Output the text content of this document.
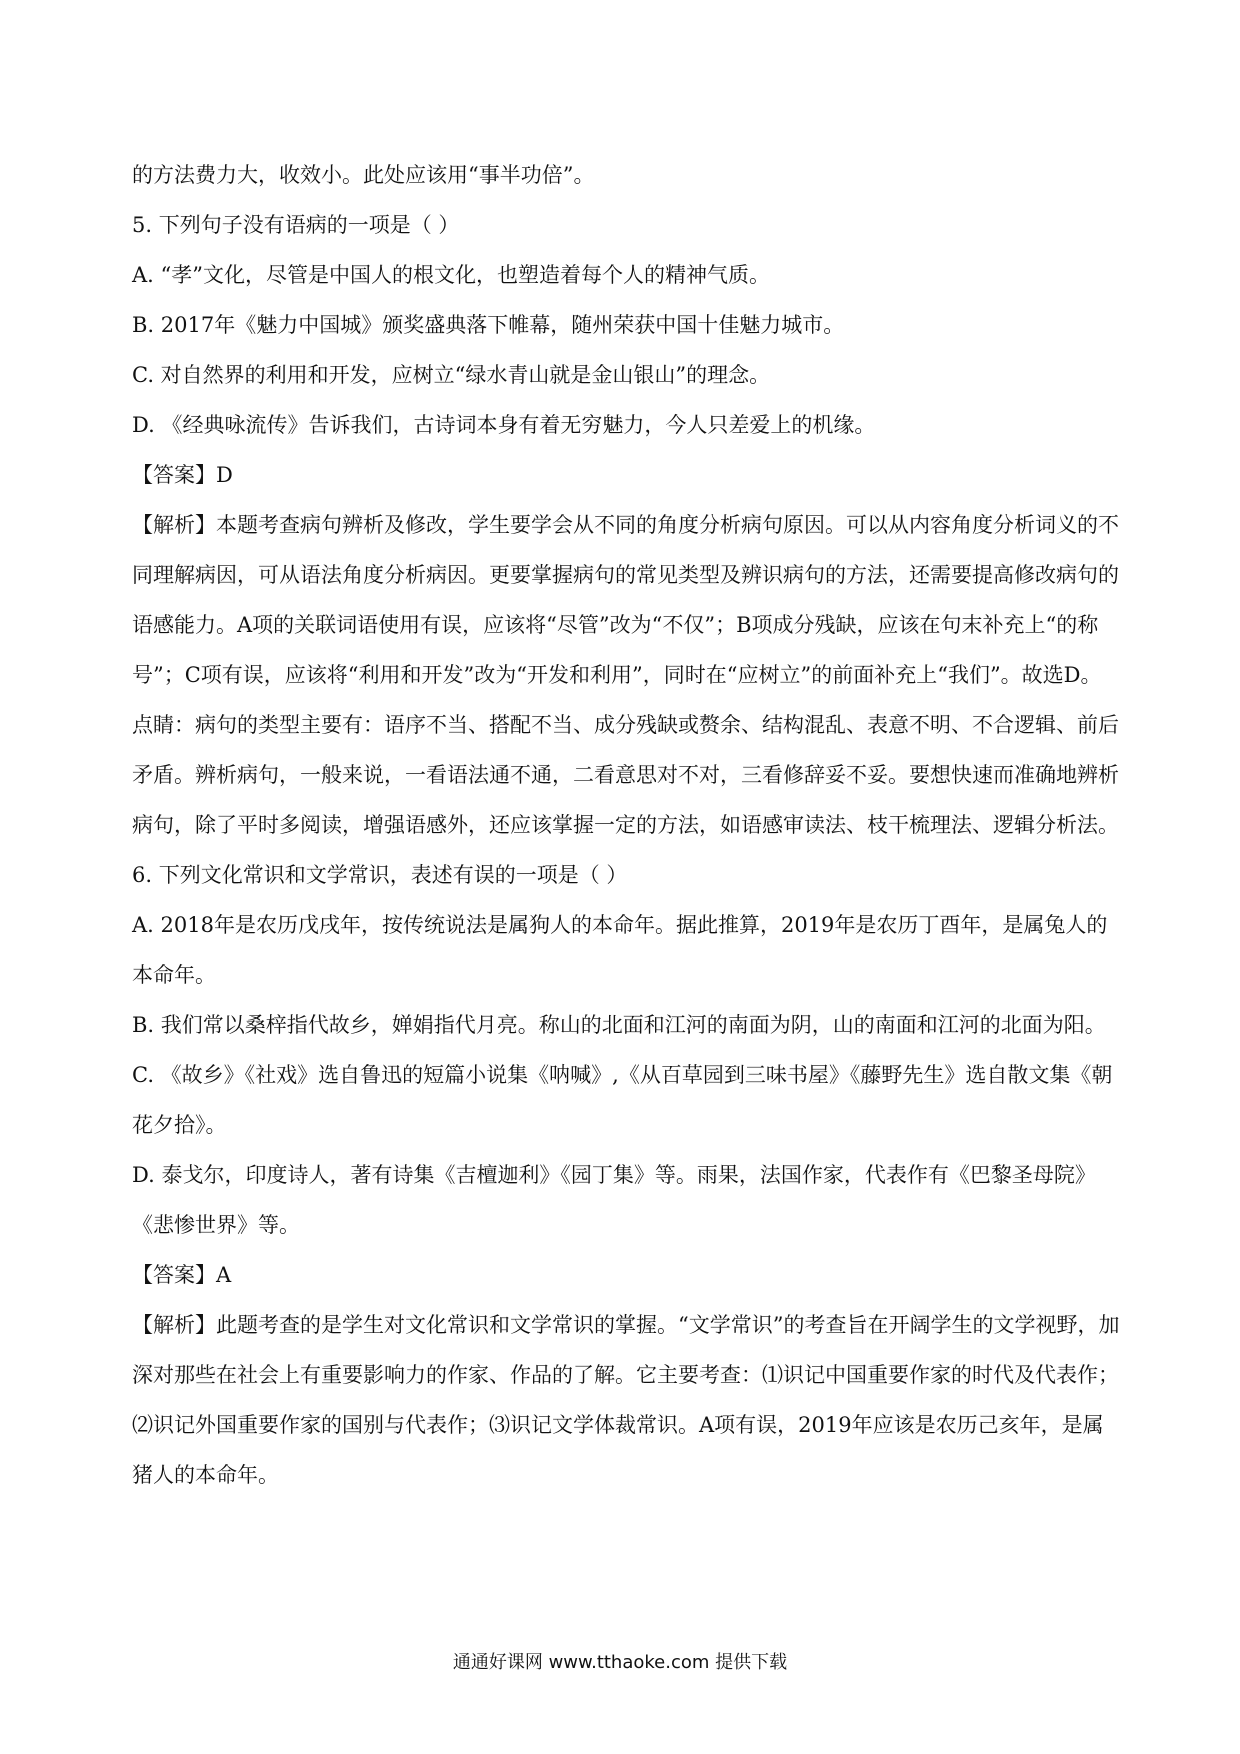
的方法费力大，收效小。此处应该用“事半功倍”。

5. 下列句子没有语病的一项是（ ）

A. “孝”文化，尽管是中国人的根文化，也塑造着每个人的精神气质。

B. 2017年《魅力中国城》颁奖盛典落下帷幕，随州荣获中国十佳魅力城市。

C. 对自然界的利用和开发，应树立“绿水青山就是金山银山”的理念。

D. 《经典咏流传》告诉我们，古诗词本身有着无穷魅力，今人只差爱上的机缘。

【答案】D

【解析】本题考查病句辨析及修改，学生要学会从不同的角度分析病句原因。可以从内容角度分析词义的不同理解病因，可从语法角度分析病因。更要掌握病句的常见类型及辨识病句的方法，还需要提高修改病句的语感能力。A项的关联词语使用有误，应该将“尽管”改为“不仅”；B项成分残缺，应该在句末补充上“的称号”；C项有误，应该将“利用和开发”改为“开发和利用”，同时在“应树立”的前面补充上“我们”。故选D。

点睛：病句的类型主要有：语序不当、搭配不当、成分残缺或赘余、结构混乱、表意不明、不合逻辑、前后矛盾。辨析病句，一般来说，一看语法通不通，二看意思对不对，三看修辞妥不妥。要想快速而准确地辨析病句，除了平时多阅读，增强语感外，还应该掌握一定的方法，如语感审读法、枝干梳理法、逻辑分析法。

6. 下列文化常识和文学常识，表述有误的一项是（ ）

A. 2018年是农历戊戌年，按传统说法是属狗人的本命年。据此推算，2019年是农历丁酉年，是属兔人的本命年。

B. 我们常以桑梓指代故乡，婵娟指代月亮。称山的北面和江河的南面为阴，山的南面和江河的北面为阳。

C. 《故乡》《社戏》选自鲁迅的短篇小说集《呐喊》,《从百草园到三味书屋》《藤野先生》选自散文集《朝花夕拾》。

D. 泰戈尔，印度诗人，著有诗集《吉檀迦利》《园丁集》等。雨果，法国作家，代表作有《巴黎圣母院》《悲惨世界》等。

【答案】A

【解析】此题考查的是学生对文化常识和文学常识的掌握。“文学常识”的考查旨在开阔学生的文学视野，加深对那些在社会上有重要影响力的作家、作品的了解。它主要考查：⑴识记中国重要作家的时代及代表作；⑵识记外国重要作家的国别与代表作；⑶识记文学体裁常识。A项有误，2019年应该是农历己亥年，是属猪人的本命年。

通通好课网 www.tthaoke.com 提供下载
